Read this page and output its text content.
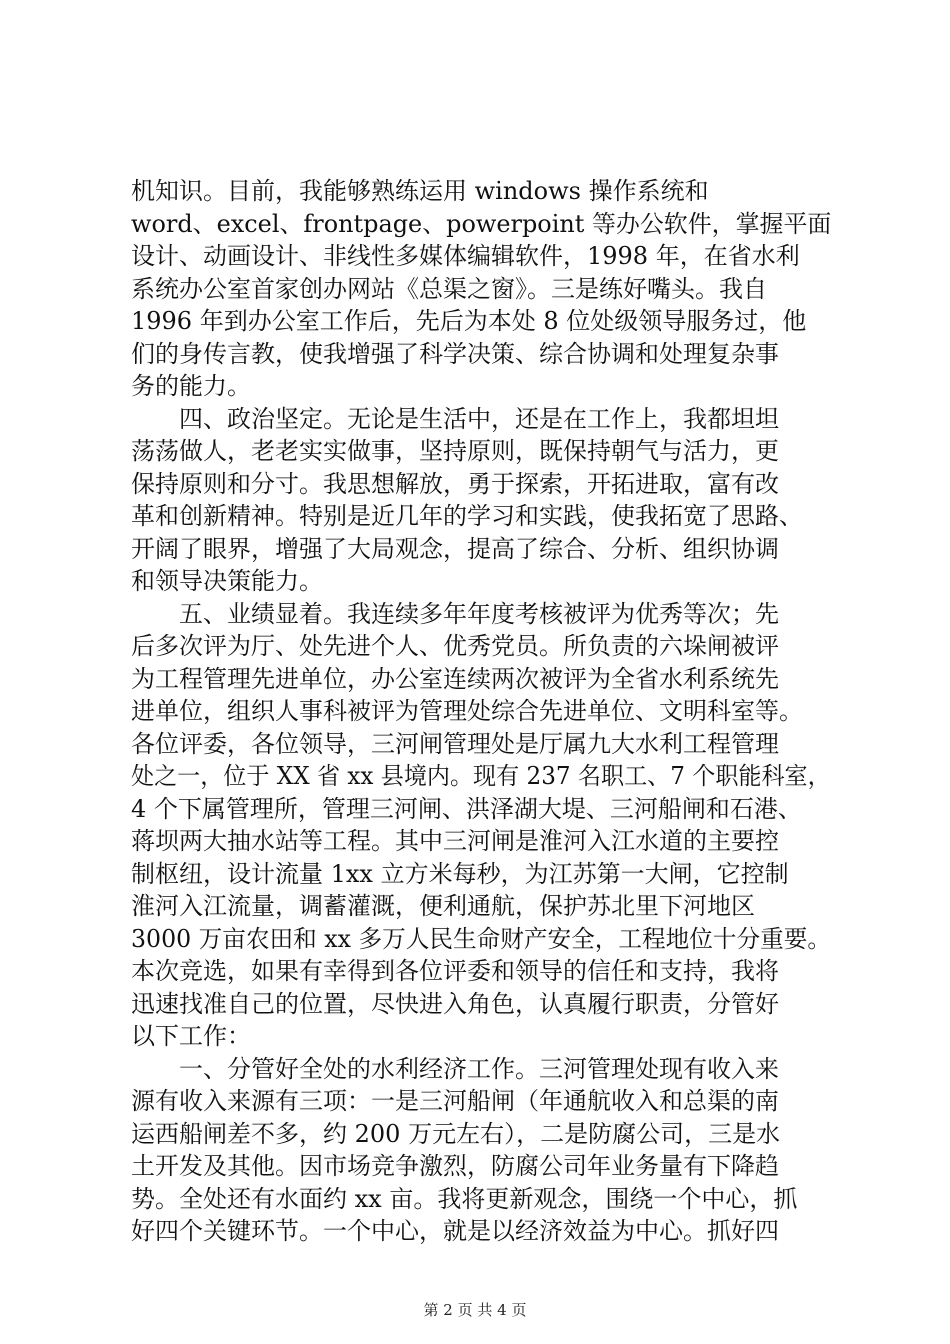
机知识。目前，我能够熟练运用 windows 操作系统和
word、excel、frontpage、powerpoint 等办公软件，掌握平面
设计、动画设计、非线性多媒体编辑软件，1998 年，在省水利
系统办公室首家创办网站《总渠之窗》。三是练好嘴头。我自
1996 年到办公室工作后，先后为本处 8 位处级领导服务过，他
们的身传言教，使我增强了科学决策、综合协调和处理复杂事
务的能力。
　　四、政治坚定。无论是生活中，还是在工作上，我都坦坦
荡荡做人，老老实实做事，坚持原则，既保持朝气与活力，更
保持原则和分寸。我思想解放，勇于探索，开拓进取，富有改
革和创新精神。特别是近几年的学习和实践，使我拓宽了思路、
开阔了眼界，增强了大局观念，提高了综合、分析、组织协调
和领导决策能力。
　　五、业绩显着。我连续多年年度考核被评为优秀等次；先
后多次评为厅、处先进个人、优秀党员。所负责的六垛闸被评
为工程管理先进单位，办公室连续两次被评为全省水利系统先
进单位，组织人事科被评为管理处综合先进单位、文明科室等。
各位评委，各位领导，三河闸管理处是厅属九大水利工程管理
处之一，位于 XX 省 xx 县境内。现有 237 名职工、7 个职能科室，
4 个下属管理所，管理三河闸、洪泽湖大堤、三河船闸和石港、
蒋坝两大抽水站等工程。其中三河闸是淮河入江水道的主要控
制枢纽，设计流量 1xx 立方米每秒，为江苏第一大闸，它控制
淮河入江流量，调蓄灌溉，便利通航，保护苏北里下河地区
3000 万亩农田和 xx 多万人民生命财产安全，工程地位十分重要。
本次竞选，如果有幸得到各位评委和领导的信任和支持，我将
迅速找准自己的位置，尽快进入角色，认真履行职责，分管好
以下工作：
　　一、分管好全处的水利经济工作。三河管理处现有收入来
源有收入来源有三项：一是三河船闸（年通航收入和总渠的南
运西船闸差不多，约 200 万元左右），二是防腐公司，三是水
土开发及其他。因市场竞争激烈，防腐公司年业务量有下降趋
势。全处还有水面约 xx 亩。我将更新观念，围绕一个中心，抓
好四个关键环节。一个中心，就是以经济效益为中心。抓好四
第 2 页 共 4 页
